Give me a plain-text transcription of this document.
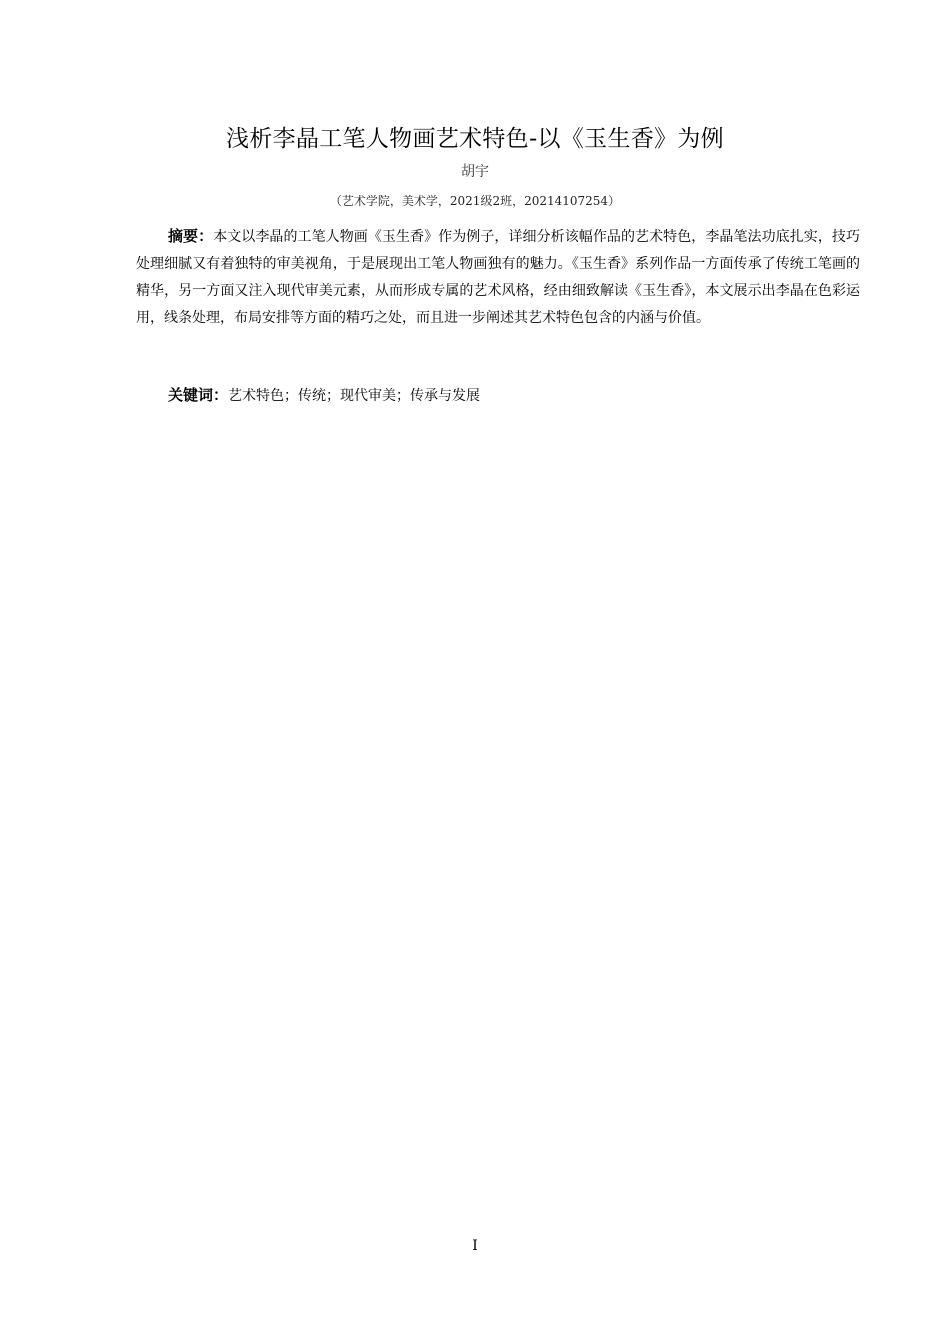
浅析李晶工笔人物画艺术特色-以《玉生香》为例
胡宇
（艺术学院，美术学，2021级2班，20214107254）
摘要：本文以李晶的工笔人物画《玉生香》作为例子，详细分析该幅作品的艺术特色，李晶笔法功底扎实，技巧处理细腻又有着独特的审美视角，于是展现出工笔人物画独有的魅力。《玉生香》系列作品一方面传承了传统工笔画的精华，另一方面又注入现代审美元素，从而形成专属的艺术风格，经由细致解读《玉生香》，本文展示出李晶在色彩运用，线条处理，布局安排等方面的精巧之处，而且进一步阐述其艺术特色包含的内涵与价值。
关键词：艺术特色；传统；现代审美；传承与发展
I
